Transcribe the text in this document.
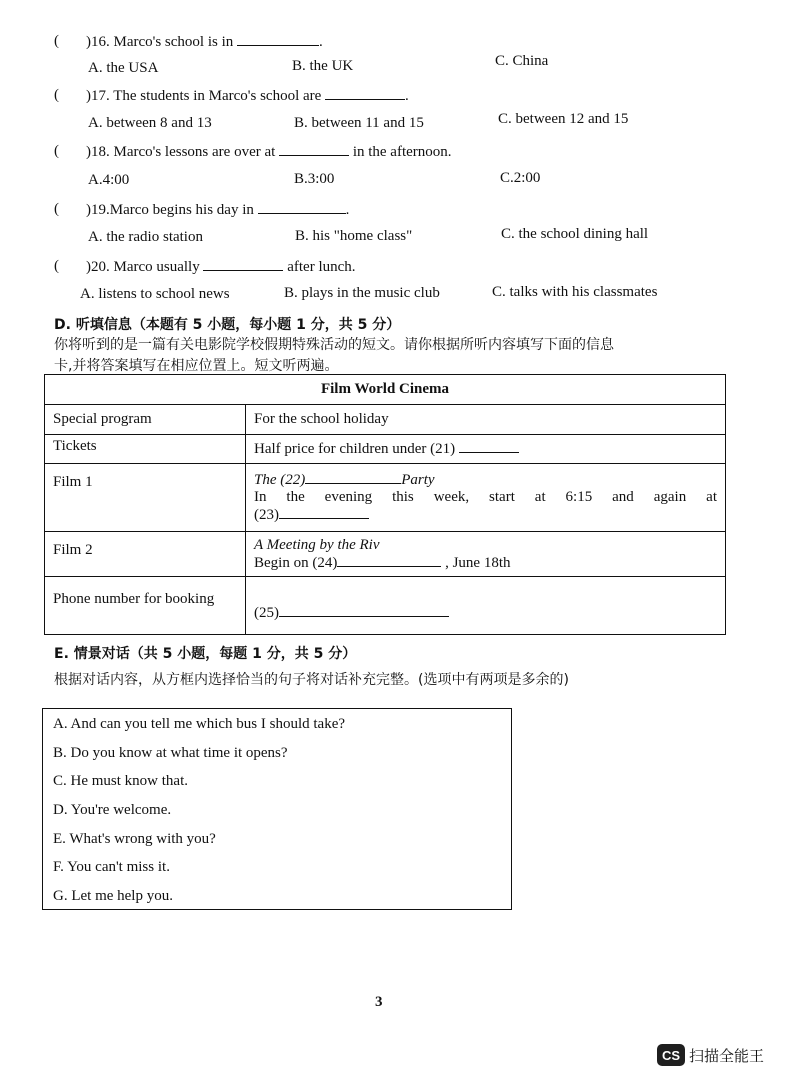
( )16. Marco's school is in	.
A. the USA	B. the UK	C. China
( )17. The students in Marco's school are	.
A. between 8 and 13	B. between 11 and 15	C. between 12 and 15
( )18. Marco's lessons are over at	in the afternoon.
A.4:00	B.3:00	C.2:00
( )19.Marco begins his day in	.
A. the radio station	B. his "home class"	C. the school dining hall
( )20. Marco usually	after lunch.
A. listens to school news	B. plays in the music club	C. talks with his classmates
D. 听填信息（本题有 5 小题，每小题 1 分，共 5 分）
你将听到的是一篇有关电影院学校假期特殊活动的短文。请你根据所听内容填写下面的信息
卡,并将答案填写在相应位置上。短文听两遍。
Film World Cinema	
Special program	For the school holiday
Tickets	Half price for children under (21)
Film 1	The (22) Party
In the evening this week, start at 6:15 and again at
(23)

Film 2	A Meeting by the Riv
Begin on (24) , June 18th

Phone number for booking	(25)
E. 情景对话（共 5 小题，每题 1 分，共 5 分）
根据对话内容，从方框内选择恰当的句子将对话补充完整。(选项中有两项是多余的)
A. And can you tell me which bus I should take?
B. Do you know at what time it opens?
C. He must know that.
D. You're welcome.
E. What's wrong with you?
F. You can't miss it.
G. Let me help you.
3
CS 扫描全能王
